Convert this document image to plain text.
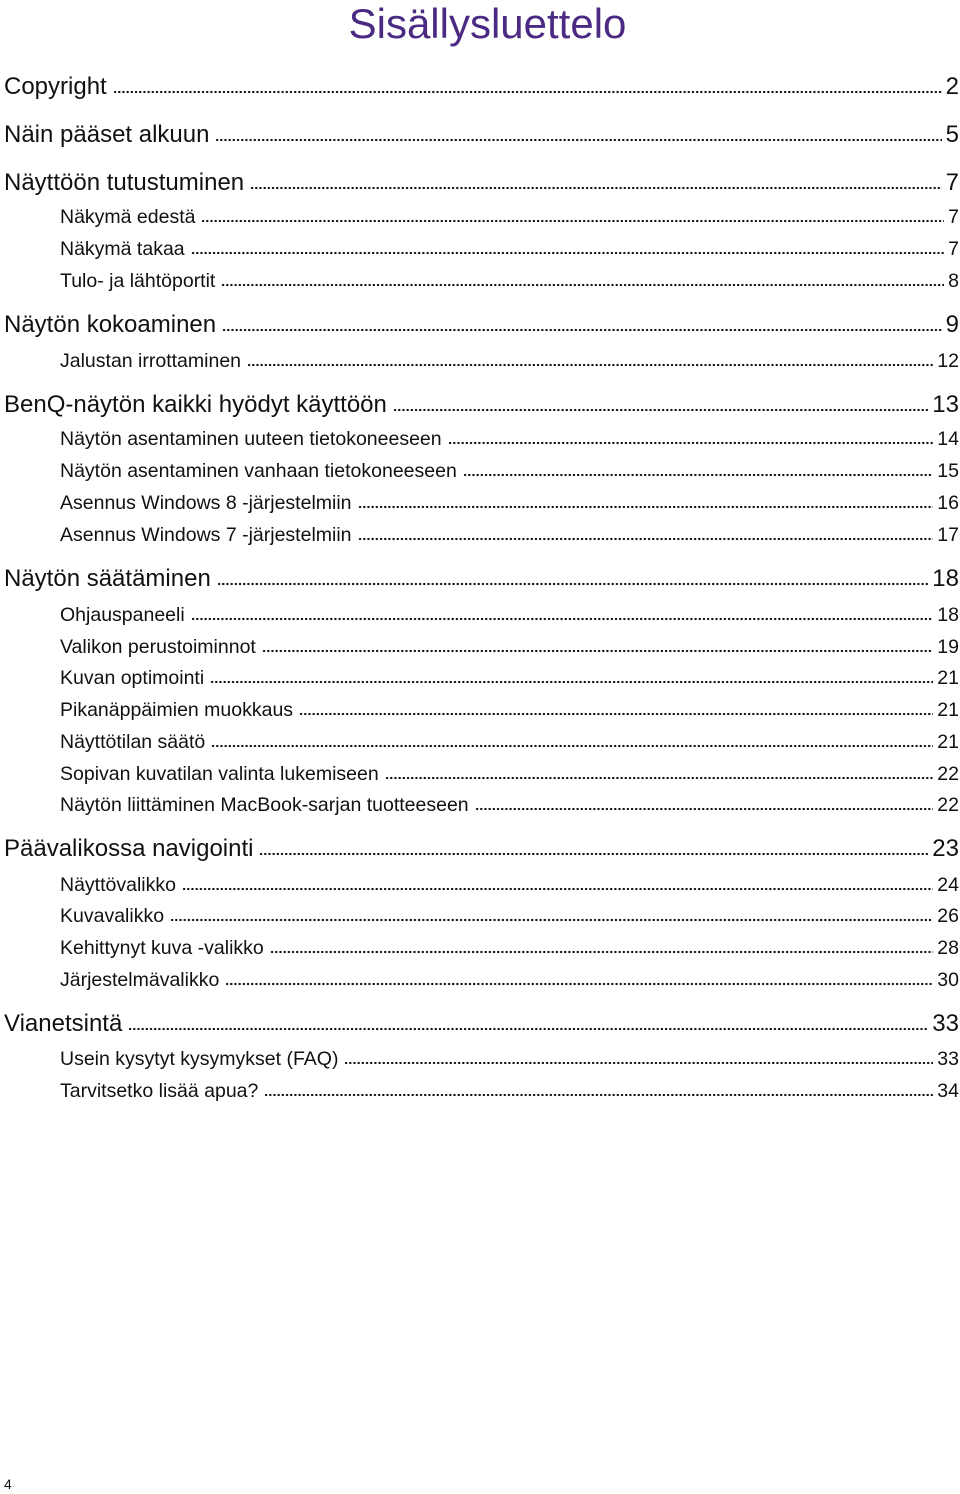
Sisällysluettelo
Copyright	2
Näin pääset alkuun	5
Näyttöön tutustuminen	7
Näkymä edestä	7
Näkymä takaa	7
Tulo- ja lähtöportit	8
Näytön kokoaminen	9
Jalustan irrottaminen	12
BenQ-näytön kaikki hyödyt käyttöön	13
Näytön asentaminen uuteen tietokoneeseen	14
Näytön asentaminen vanhaan tietokoneeseen	15
Asennus Windows 8 -järjestelmiin	16
Asennus Windows 7 -järjestelmiin	17
Näytön säätäminen	18
Ohjauspaneeli	18
Valikon perustoiminnot	19
Kuvan optimointi	21
Pikanäppäimien muokkaus	21
Näyttötilan säätö	21
Sopivan kuvatilan valinta lukemiseen	22
Näytön liittäminen MacBook-sarjan tuotteeseen	22
Päävalikossa navigointi	23
Näyttövalikko	24
Kuvavalikko	26
Kehittynyt kuva -valikko	28
Järjestelmävalikko	30
Vianetsintä	33
Usein kysytyt kysymykset (FAQ)	33
Tarvitsetko lisää apua?	34
4
